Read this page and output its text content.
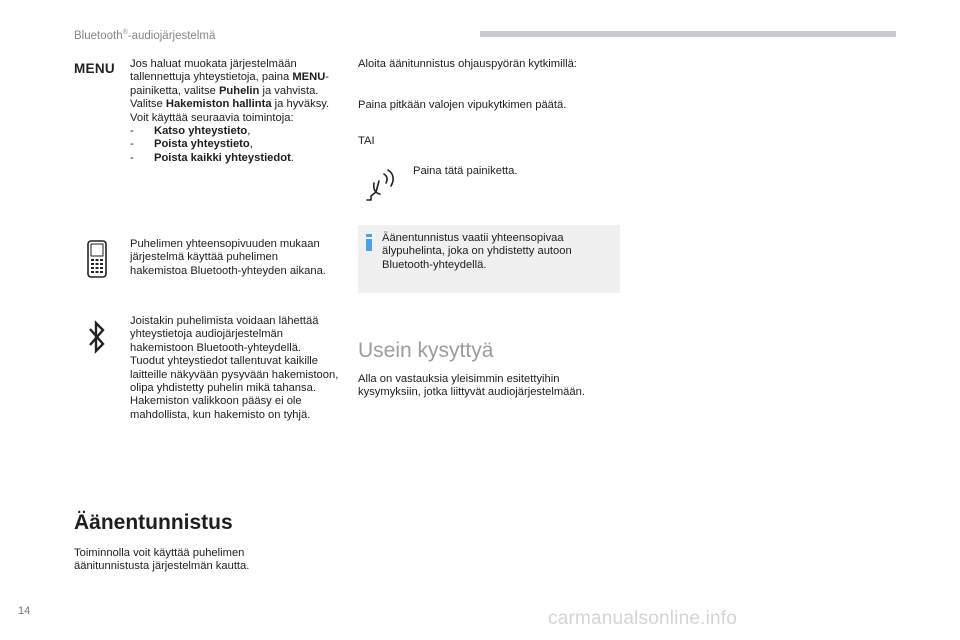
Bluetooth®-audiojärjestelmä
MENU Jos haluat muokata järjestelmään tallennettuja yhteystietoja, paina MENU-painiketta, valitse Puhelin ja vahvista.
Valitse Hakemiston hallinta ja hyväksy.
Voit käyttää seuraavia toimintoja:
-	Katso yhteystieto,
-	Poista yhteystieto,
-	Poista kaikki yhteystiedot.
Puhelimen yhteensopivuuden mukaan järjestelmä käyttää puhelimen hakemistoa Bluetooth-yhteyden aikana.
Joistakin puhelimista voidaan lähettää yhteystietoja audiojärjestelmän hakemistoon Bluetooth-yhteydellä.
Tuodut yhteystiedot tallentuvat kaikille laitteille näkyvään pysyvään hakemistoon, olipa yhdistetty puhelin mikä tahansa.
Hakemiston valikkoon pääsy ei ole mahdollista, kun hakemisto on tyhjä.
Äänentunnistus
Toiminnolla voit käyttää puhelimen äänitunnistusta järjestelmän kautta.
Aloita äänitunnistus ohjauspyörän kytkimillä:
Paina pitkään valojen vipukytkimen päätä.
TAI
Paina tätä painiketta.
Äänentunnistus vaatii yhteensopivaa älypuhelinta, joka on yhdistetty autoon Bluetooth-yhteydellä.
Usein kysyttyä
Alla on vastauksia yleisimmin esitettyihin kysymyksiin, jotka liittyvät audiojärjestelmään.
14	carmanualsonline.info
